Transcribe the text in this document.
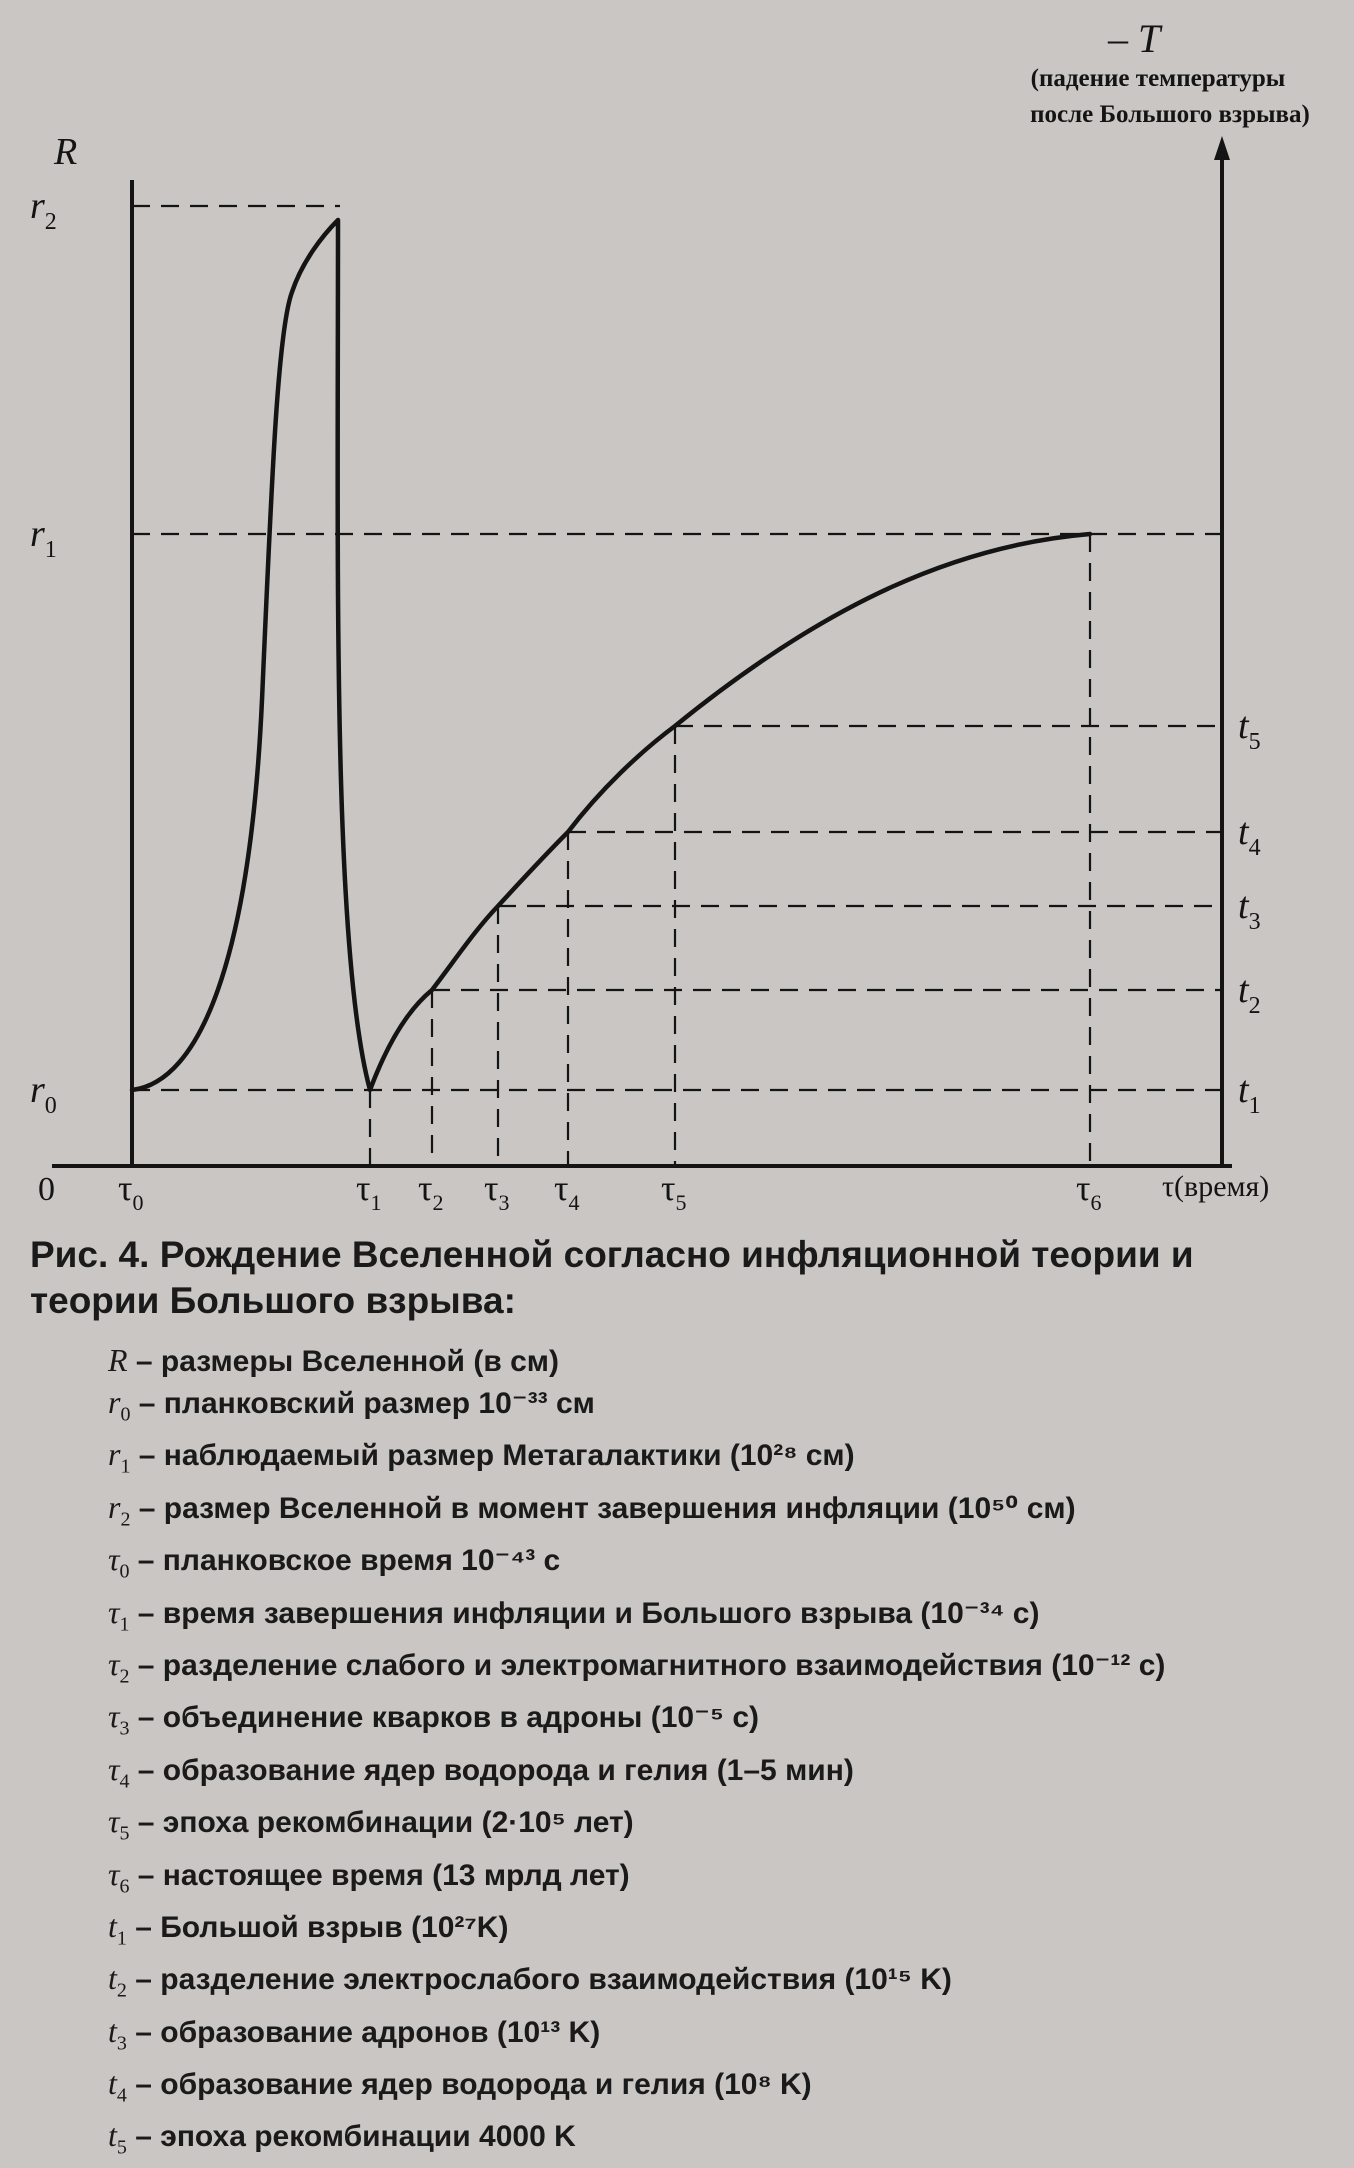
R
– T
(падение температуры
после Большого взрыва)
0	τ(время)
$r_0$
$r_1$
$r_2$
$t_1$
$t_2$
$t_3$
$t_4$
$t_5$
$\tau_0$	$\tau_1$ $\tau_2$ $\tau_3$ $\tau_4$ $\tau_5$	$\tau_6$
Рис. 4. Рождение Вселенной согласно инфляционной теории и теории Большого взрыва:
R – размеры Вселенной (в см)
$r_0$ – планковский размер 10⁻³³ см
$r_1$ – наблюдаемый размер Метагалактики (10²⁸ см)
$r_2$ – размер Вселенной в момент завершения инфляции (10⁵⁰ см)
$\tau_0$ – планковское время 10⁻⁴³ с
$\tau_1$ – время завершения инфляции и Большого взрыва (10⁻³⁴ с)
$\tau_2$ – разделение слабого и электромагнитного взаимодействия (10⁻¹² с)
$\tau_3$ – объединение кварков в адроны (10⁻⁵ с)
$\tau_4$ – образование ядер водорода и гелия (1–5 мин)
$\tau_5$ – эпоха рекомбинации (2·10⁵ лет)
$\tau_6$ – настоящее время (13 мрлд лет)
$t_1$ – Большой взрыв (10²⁷K)
$t_2$ – разделение электрослабого взаимодействия (10¹⁵ K)
$t_3$ – образование адронов (10¹³ K)
$t_4$ – образование ядер водорода и гелия (10⁸ K)
$t_5$ – эпоха рекомбинации 4000 K
